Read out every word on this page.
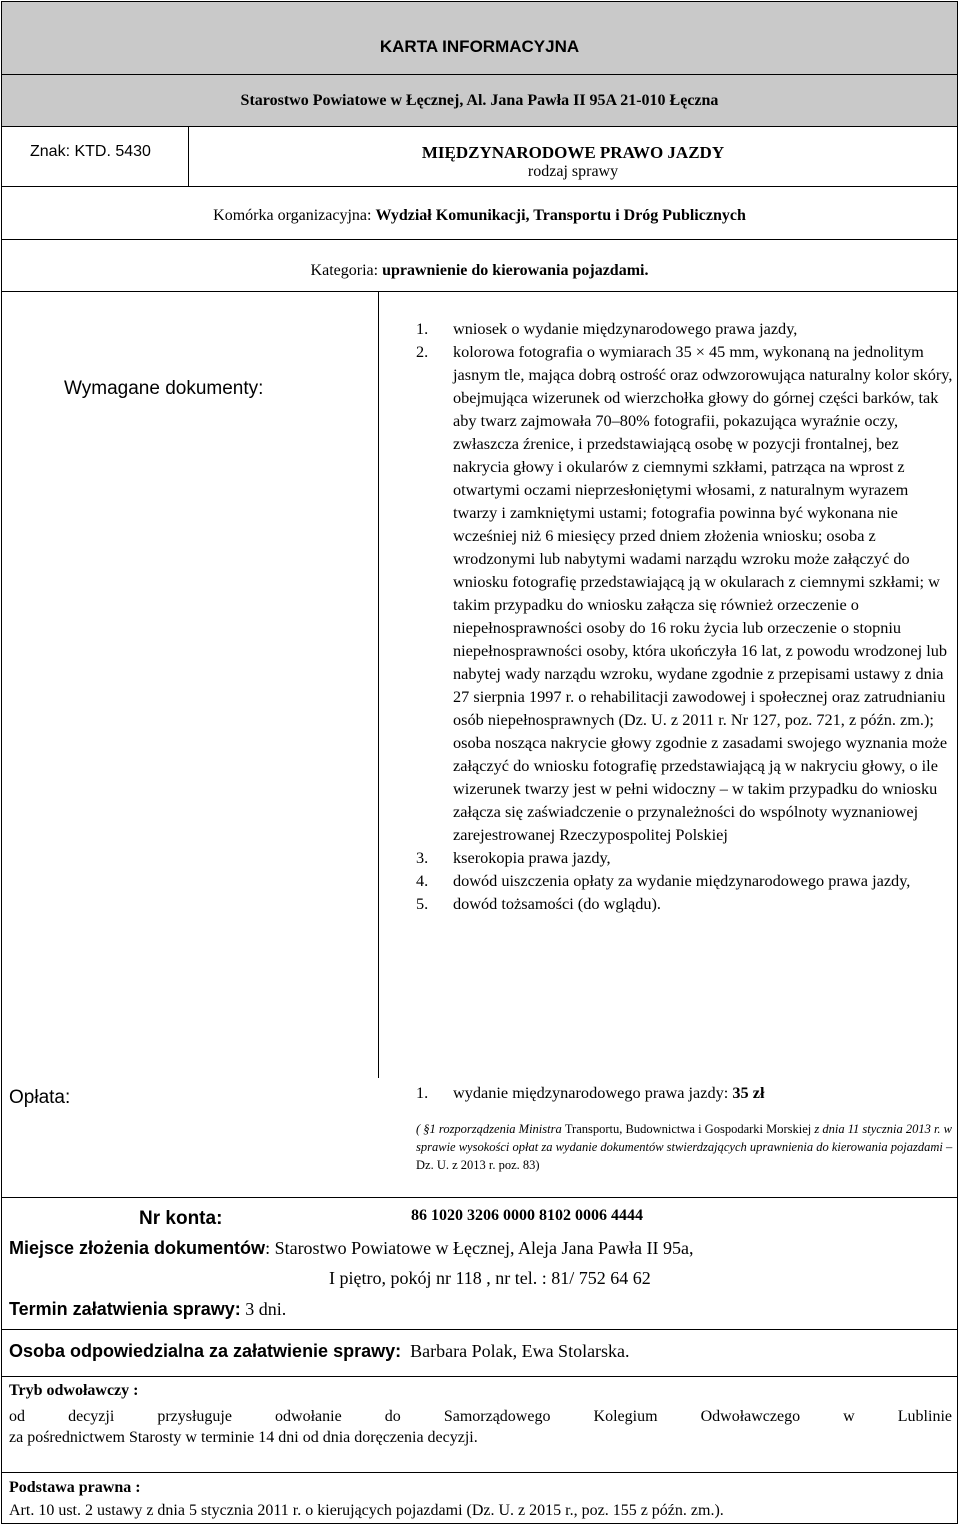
KARTA INFORMACYJNA
Starostwo Powiatowe w Łęcznej, Al. Jana Pawła II 95A 21-010 Łęczna
Znak: KTD. 5430	MIĘDZYNARODOWE PRAWO JAZDY
rodzaj sprawy
Komórka organizacyjna: Wydział Komunikacji, Transportu i Dróg Publicznych
Kategoria: uprawnienie do kierowania pojazdami.
Wymagane dokumenty:
1. wniosek o wydanie międzynarodowego prawa jazdy,
2. kolorowa fotografia o wymiarach 35 × 45 mm, wykonaną na jednolitym jasnym tle, mająca dobrą ostrość oraz odwzorowująca naturalny kolor skóry, obejmująca wizerunek od wierzchołka głowy do górnej części barków, tak aby twarz zajmowała 70–80% fotografii, pokazująca wyraźnie oczy, zwłaszcza źrenice, i przedstawiającą osobę w pozycji frontalnej, bez nakrycia głowy i okularów z ciemnymi szkłami, patrząca na wprost z otwartymi oczami nieprzesłoniętymi włosami, z naturalnym wyrazem twarzy i zamkniętymi ustami; fotografia powinna być wykonana nie wcześniej niż 6 miesięcy przed dniem złożenia wniosku; osoba z wrodzonymi lub nabytymi wadami narządu wzroku może załączyć do wniosku fotografię przedstawiającą ją w okularach z ciemnymi szkłami; w takim przypadku do wniosku załącza się również orzeczenie o niepełnosprawności osoby do 16 roku życia lub orzeczenie o stopniu niepełnosprawności osoby, która ukończyła 16 lat, z powodu wrodzonej lub nabytej wady narządu wzroku, wydane zgodnie z przepisami ustawy z dnia 27 sierpnia 1997 r. o rehabilitacji zawodowej i społecznej oraz zatrudnianiu osób niepełnosprawnych (Dz. U. z 2011 r. Nr 127, poz. 721, z późn. zm.); osoba nosząca nakrycie głowy zgodnie z zasadami swojego wyznania może załączyć do wniosku fotografię przedstawiającą ją w nakryciu głowy, o ile wizerunek twarzy jest w pełni widoczny – w takim przypadku do wniosku załącza się zaświadczenie o przynależności do wspólnoty wyznaniowej zarejestrowanej Rzeczypospolitej Polskiej
3. kserokopia prawa jazdy,
4. dowód uiszczenia opłaty za wydanie międzynarodowego prawa jazdy,
5. dowód tożsamości (do wglądu).
Opłata:	1. wydanie międzynarodowego prawa jazdy: 35 zł
( §1 rozporządzenia Ministra Transportu, Budownictwa i Gospodarki Morskiej z dnia 11 stycznia 2013 r. w sprawie wysokości opłat za wydanie dokumentów stwierdzających uprawnienia do kierowania pojazdami – Dz. U. z 2013 r. poz. 83)
Nr konta:	86 1020 3206 0000 8102 0006 4444
Miejsce złożenia dokumentów: Starostwo Powiatowe w Łęcznej, Aleja Jana Pawła II 95a,
I piętro, pokój nr 118 , nr tel. : 81/ 752 64 62
Termin załatwienia sprawy: 3 dni.
Osoba odpowiedzialna za załatwienie sprawy: Barbara Polak, Ewa Stolarska.
Tryb odwoławczy :
od decyzji przysługuje odwołanie do Samorządowego Kolegium Odwoławczego w Lublinie
za pośrednictwem Starosty w terminie 14 dni od dnia doręczenia decyzji.
Podstawa prawna :
Art. 10 ust. 2 ustawy z dnia 5 stycznia 2011 r. o kierujących pojazdami (Dz. U. z 2015 r., poz. 155 z późn. zm.).
